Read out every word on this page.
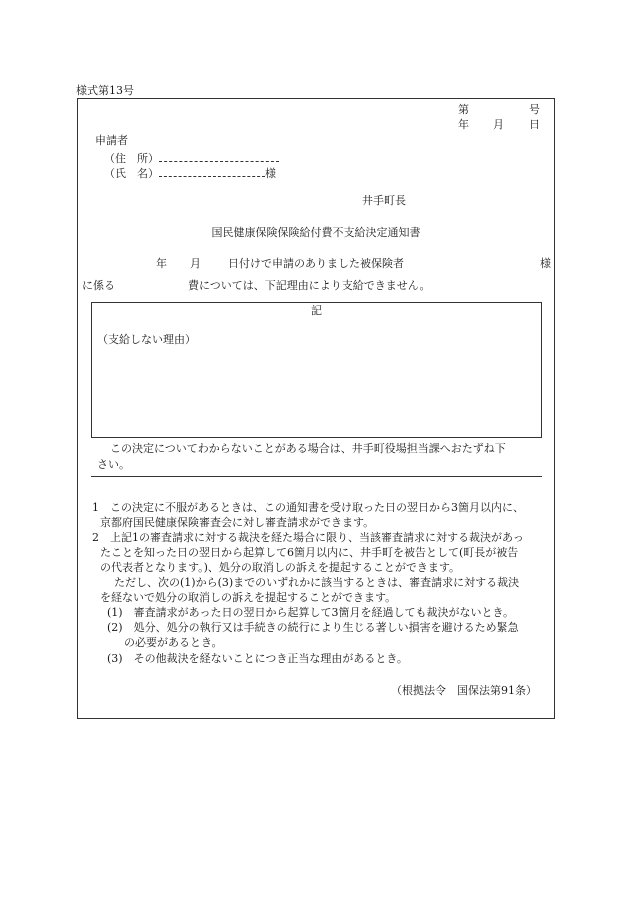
様式第13号
第	号
年 月 日
申請者
（住　所）
（氏　名）	様
井手町長
国民健康保険保険給付費不支給決定通知書
年 月 日付けで申請のありました被保険者	様
に係る	費については、下記理由により支給できません。
記
（支給しない理由）
この決定についてわからないことがある場合は、井手町役場担当課へおたずね下
さい。
1　この決定に不服があるときは、この通知書を受け取った日の翌日から3箇月以内に、
京都府国民健康保険審査会に対し審査請求ができます。
2　上記1の審査請求に対する裁決を経た場合に限り、当該審査請求に対する裁決があっ
たことを知った日の翌日から起算して6箇月以内に、井手町を被告として(町長が被告
の代表者となります。)、処分の取消しの訴えを提起することができます。
ただし、次の(1)から(3)までのいずれかに該当するときは、審査請求に対する裁決
を経ないで処分の取消しの訴えを提起することができます。
(1)　審査請求があった日の翌日から起算して3箇月を経過しても裁決がないとき。
(2)　処分、処分の執行又は手続きの続行により生じる著しい損害を避けるため緊急
の必要があるとき。
(3)　その他裁決を経ないことにつき正当な理由があるとき。
（根拠法令　国保法第91条）
